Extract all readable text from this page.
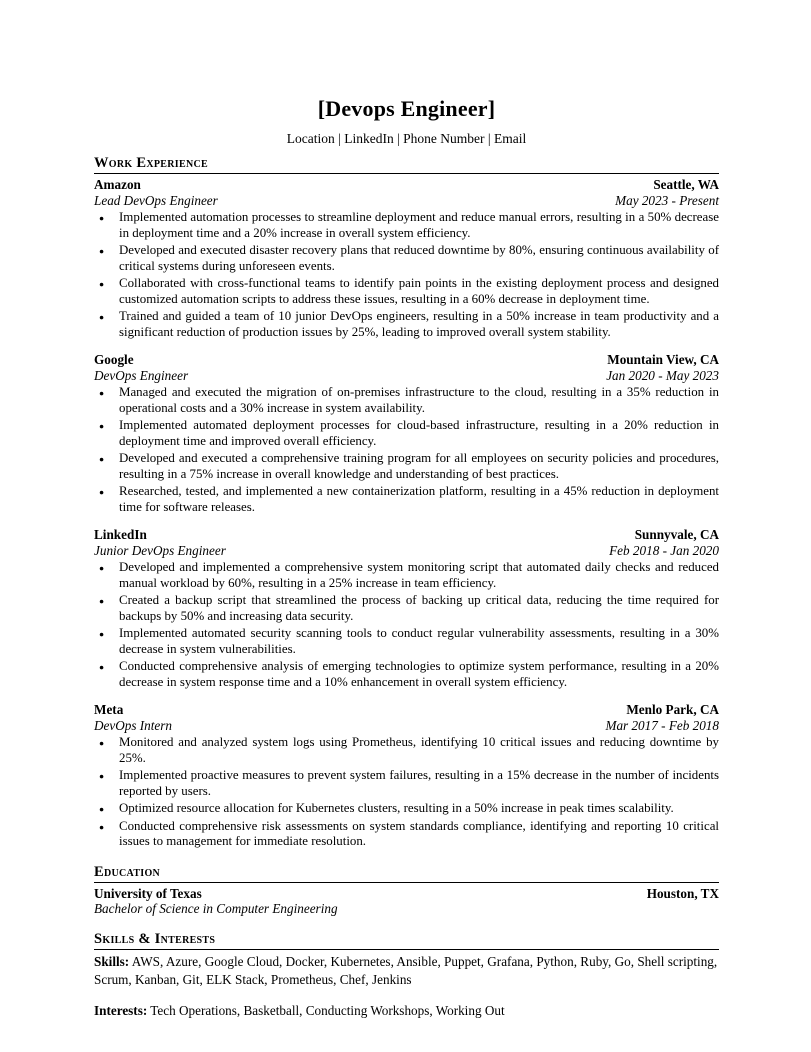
[Devops Engineer]
Location | LinkedIn | Phone Number | Email
Work Experience
Amazon	Seattle, WA
Lead DevOps Engineer	May 2023 - Present
● Implemented automation processes to streamline deployment and reduce manual errors, resulting in a 50% decrease in deployment time and a 20% increase in overall system efficiency.
● Developed and executed disaster recovery plans that reduced downtime by 80%, ensuring continuous availability of critical systems during unforeseen events.
● Collaborated with cross-functional teams to identify pain points in the existing deployment process and designed customized automation scripts to address these issues, resulting in a 60% decrease in deployment time.
● Trained and guided a team of 10 junior DevOps engineers, resulting in a 50% increase in team productivity and a significant reduction of production issues by 25%, leading to improved overall system stability.
Google	Mountain View, CA
DevOps Engineer	Jan 2020 - May 2023
● Managed and executed the migration of on-premises infrastructure to the cloud, resulting in a 35% reduction in operational costs and a 30% increase in system availability.
● Implemented automated deployment processes for cloud-based infrastructure, resulting in a 20% reduction in deployment time and improved overall efficiency.
● Developed and executed a comprehensive training program for all employees on security policies and procedures, resulting in a 75% increase in overall knowledge and understanding of best practices.
● Researched, tested, and implemented a new containerization platform, resulting in a 45% reduction in deployment time for software releases.
LinkedIn	Sunnyvale, CA
Junior DevOps Engineer	Feb 2018 - Jan 2020
● Developed and implemented a comprehensive system monitoring script that automated daily checks and reduced manual workload by 60%, resulting in a 25% increase in team efficiency.
● Created a backup script that streamlined the process of backing up critical data, reducing the time required for backups by 50% and increasing data security.
● Implemented automated security scanning tools to conduct regular vulnerability assessments, resulting in a 30% decrease in system vulnerabilities.
● Conducted comprehensive analysis of emerging technologies to optimize system performance, resulting in a 20% decrease in system response time and a 10% enhancement in overall system efficiency.
Meta	Menlo Park, CA
DevOps Intern	Mar 2017 - Feb 2018
● Monitored and analyzed system logs using Prometheus, identifying 10 critical issues and reducing downtime by 25%.
● Implemented proactive measures to prevent system failures, resulting in a 15% decrease in the number of incidents reported by users.
● Optimized resource allocation for Kubernetes clusters, resulting in a 50% increase in peak times scalability.
● Conducted comprehensive risk assessments on system standards compliance, identifying and reporting 10 critical issues to management for immediate resolution.
Education
University of Texas	Houston, TX
Bachelor of Science in Computer Engineering
Skills & Interests

Skills: AWS, Azure, Google Cloud, Docker, Kubernetes, Ansible, Puppet, Grafana, Python, Ruby, Go, Shell scripting, Scrum, Kanban, Git, ELK Stack, Prometheus, Chef, Jenkins

Interests: Tech Operations, Basketball, Conducting Workshops, Working Out
